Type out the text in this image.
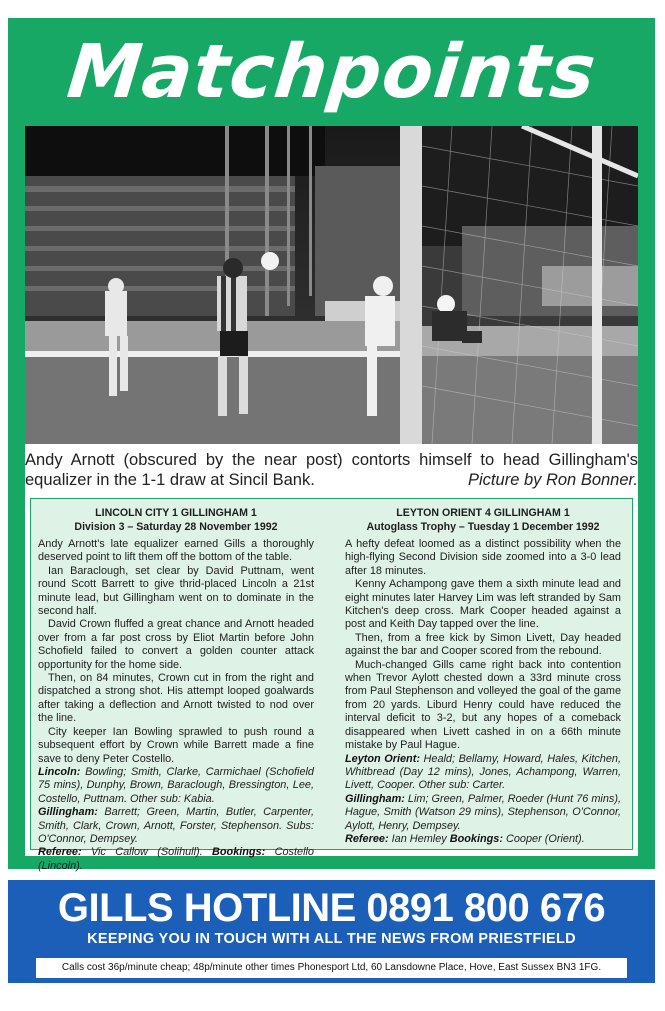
Matchpoints
Andy Arnott (obscured by the near post) contorts himself to head Gillingham's equalizer in the 1-1 draw at Sincil Bank.	Picture by Ron Bonner.
LINCOLN CITY 1 GILLINGHAM 1
Division 3 – Saturday 28 November 1992

Andy Arnott's late equalizer earned Gills a thoroughly deserved point to lift them off the bottom of the table.

Ian Baraclough, set clear by David Puttnam, went round Scott Barrett to give thrid-placed Lincoln a 21st minute lead, but Gillingham went on to dominate in the second half.

David Crown fluffed a great chance and Arnott headed over from a far post cross by Eliot Martin before John Schofield failed to convert a golden counter attack opportunity for the home side.

Then, on 84 minutes, Crown cut in from the right and dispatched a strong shot. His attempt looped goalwards after taking a deflection and Arnott twisted to nod over the line.

City keeper Ian Bowling sprawled to push round a subsequent effort by Crown while Barrett made a fine save to deny Peter Costello.

Lincoln: Bowling; Smith, Clarke, Carmichael (Schofield 75 mins), Dunphy, Brown, Baraclough, Bressington, Lee, Costello, Puttnam. Other sub: Kabia.

Gillingham: Barrett; Green, Martin, Butler, Carpenter, Smith, Clark, Crown, Arnott, Forster, Stephenson. Subs: O'Connor, Dempsey.

Referee: Vic Callow (Solihull). Bookings: Costello (Lincoln).

LEYTON ORIENT 4 GILLINGHAM 1
Autoglass Trophy – Tuesday 1 December 1992

A hefty defeat loomed as a distinct possibility when the high-flying Second Division side zoomed into a 3-0 lead after 18 minutes.

Kenny Achampong gave them a sixth minute lead and eight minutes later Harvey Lim was left stranded by Sam Kitchen's deep cross. Mark Cooper headed against a post and Keith Day tapped over the line.

Then, from a free kick by Simon Livett, Day headed against the bar and Cooper scored from the rebound.

Much-changed Gills came right back into contention when Trevor Aylott chested down a 33rd minute cross from Paul Stephenson and volleyed the goal of the game from 20 yards. Liburd Henry could have reduced the interval deficit to 3-2, but any hopes of a comeback disappeared when Livett cashed in on a 66th minute mistake by Paul Hague.

Leyton Orient: Heald; Bellamy, Howard, Hales, Kitchen, Whitbread (Day 12 mins), Jones, Achampong, Warren, Livett, Cooper. Other sub: Carter.

Gillingham: Lim; Green, Palmer, Roeder (Hunt 76 mins), Hague, Smith (Watson 29 mins), Stephenson, O'Connor, Aylott, Henry, Dempsey.

Referee: Ian Hemley Bookings: Cooper (Orient).

GILLS HOTLINE 0891 800 676
KEEPING YOU IN TOUCH WITH ALL THE NEWS FROM PRIESTFIELD
Calls cost 36p/minute cheap; 48p/minute other times Phonesport Ltd, 60 Lansdowne Place, Hove, East Sussex BN3 1FG.
